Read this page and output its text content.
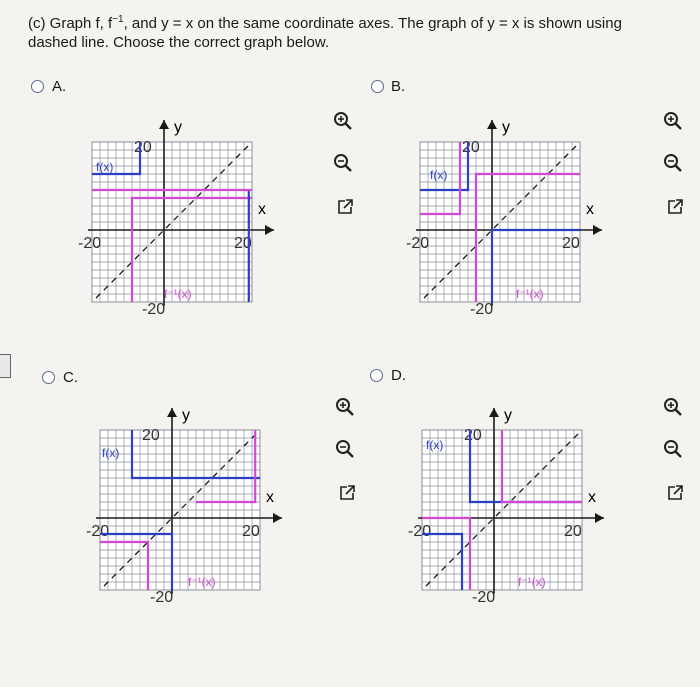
(c) Graph f, $f^{-1}$, and y = x on the same coordinate axes. The graph of y = x is shown using
dashed line. Choose the correct graph below.
A.	B.
C.	D.
y
x
20
-20	20
-20
f(x)
f⁻¹(x)
y
x
20
-20	20
-20
f(x)
f⁻¹(x)
y
x
20
-20	20
-20
f(x)
f⁻¹(x)
y
x
20
-20	20
-20
f(x)
f⁻¹(x)
